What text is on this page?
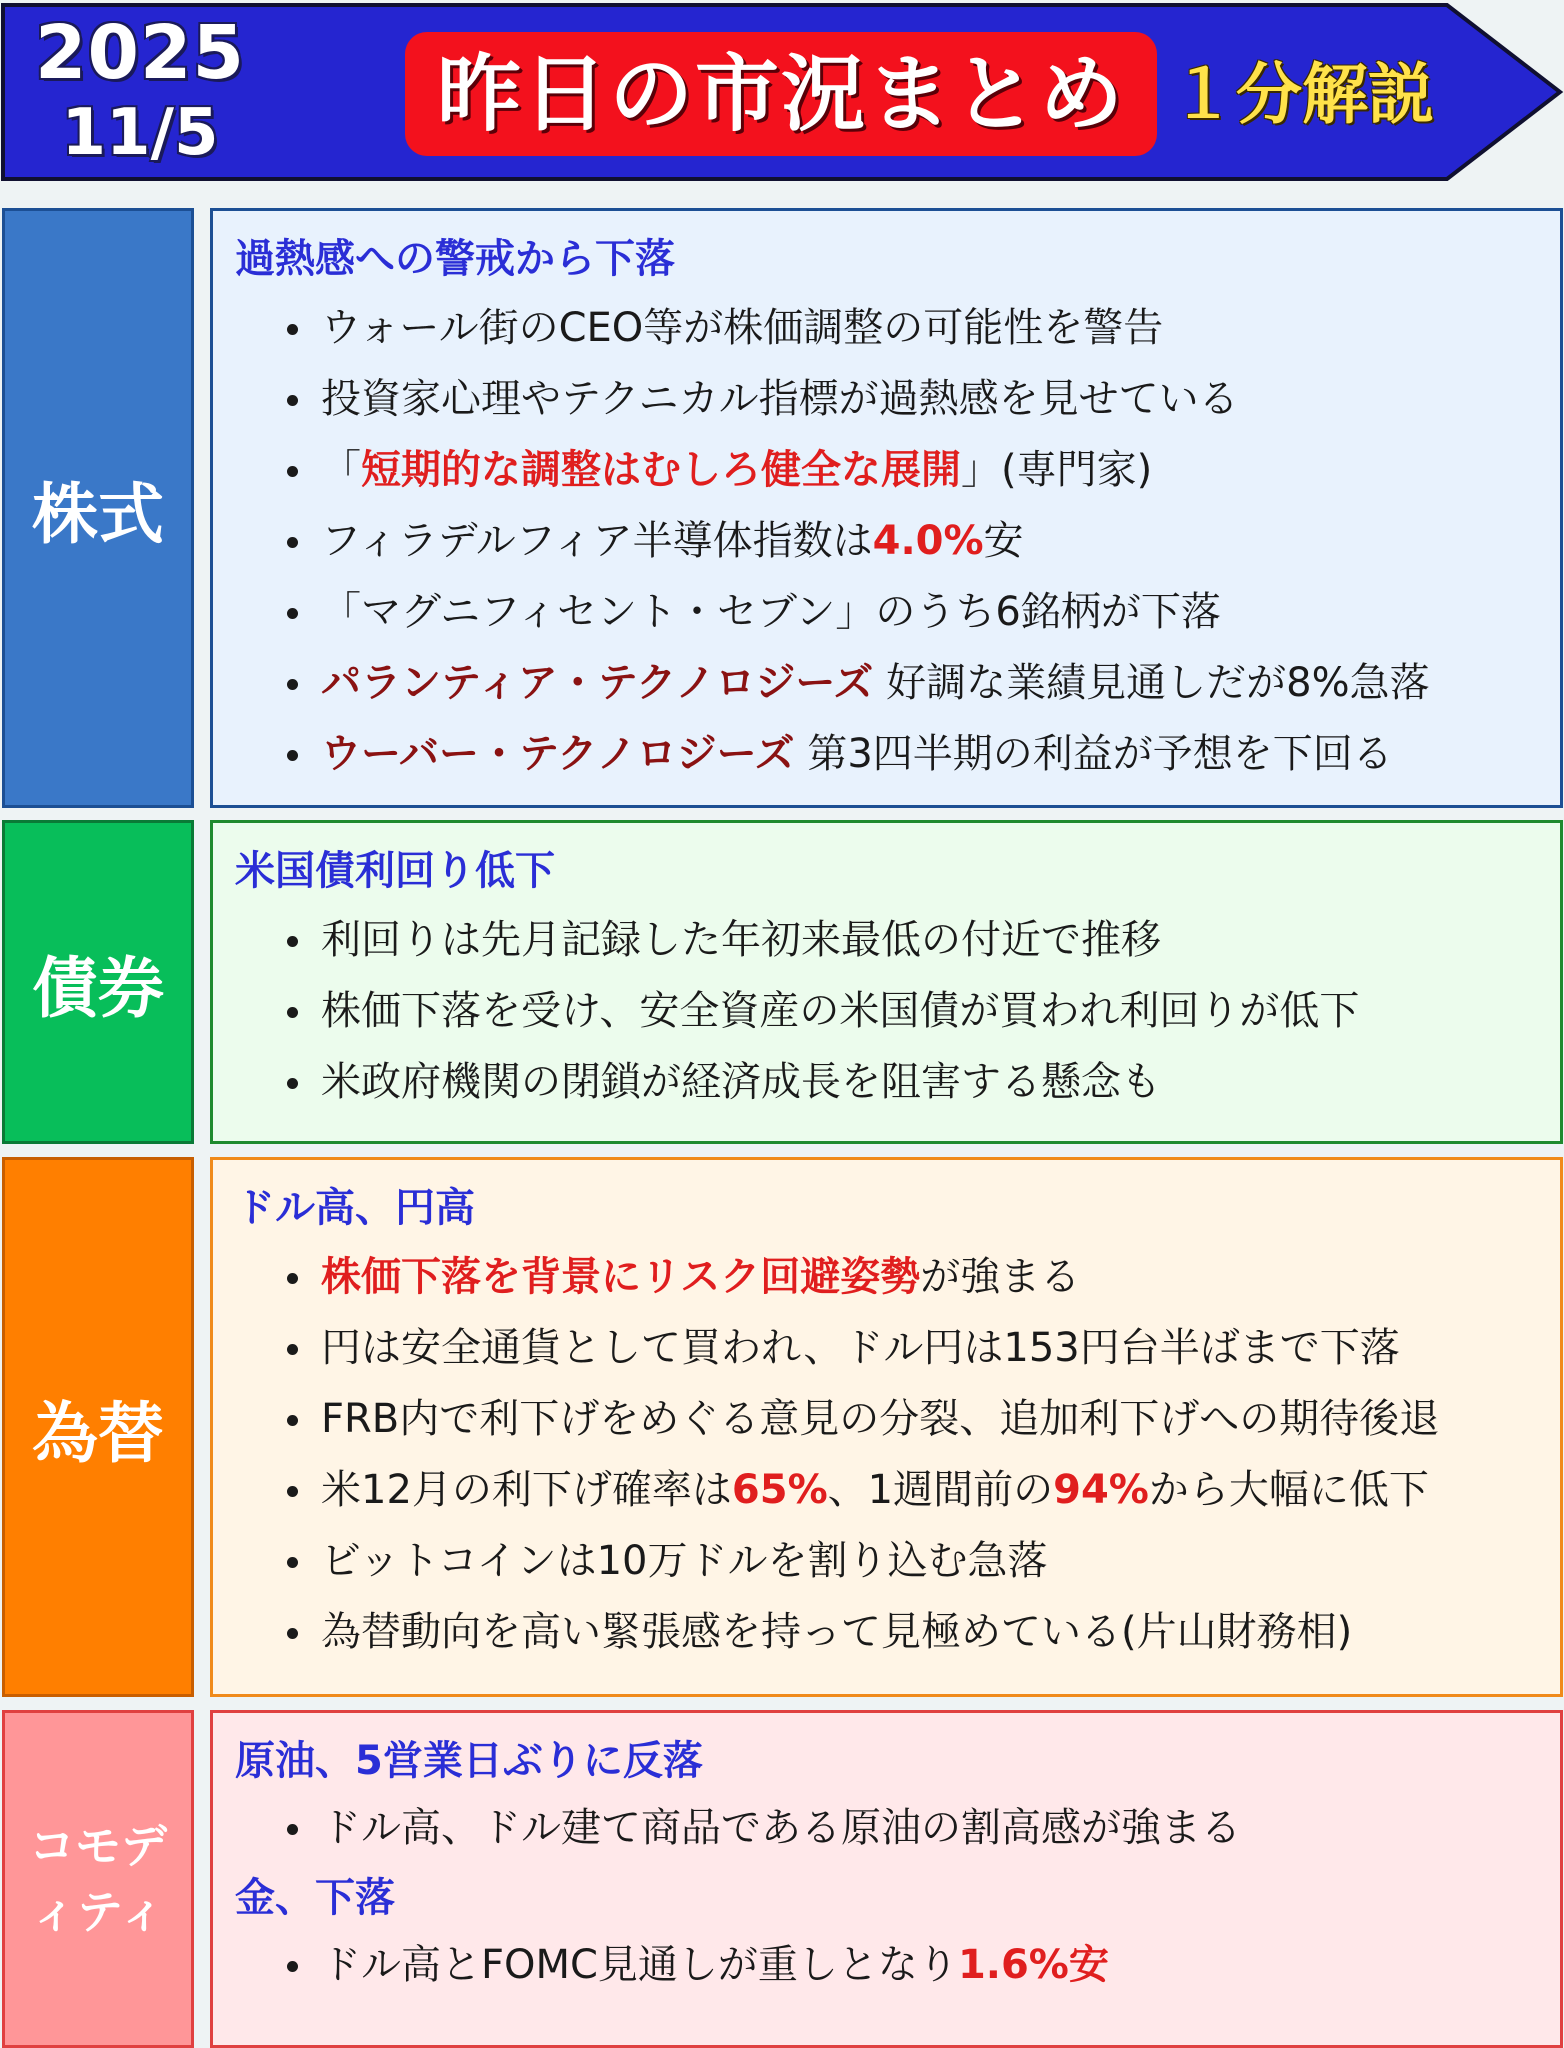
2025
11/5	昨日の市況まとめ １分解説
株式
過熱感への警戒から下落
ウォール街のCEO等が株価調整の可能性を警告
投資家心理やテクニカル指標が過熱感を見せている
「短期的な調整はむしろ健全な展開」(専門家)
フィラデルフィア半導体指数は4.0%安
「マグニフィセント・セブン」のうち6銘柄が下落
パランティア・テクノロジーズ 好調な業績見通しだが8%急落
ウーバー・テクノロジーズ 第3四半期の利益が予想を下回る
債券
米国債利回り低下
利回りは先月記録した年初来最低の付近で推移
株価下落を受け、安全資産の米国債が買われ利回りが低下
米政府機関の閉鎖が経済成長を阻害する懸念も
為替
ドル高、円高
株価下落を背景にリスク回避姿勢が強まる
円は安全通貨として買われ、ドル円は153円台半ばまで下落
FRB内で利下げをめぐる意見の分裂、追加利下げへの期待後退
米12月の利下げ確率は65%、1週間前の94%から大幅に低下
ビットコインは10万ドルを割り込む急落
為替動向を高い緊張感を持って見極めている(片山財務相)
コモデ
ィティ
原油、5営業日ぶりに反落
ドル高、ドル建て商品である原油の割高感が強まる
金、下落
ドル高とFOMC見通しが重しとなり1.6%安
